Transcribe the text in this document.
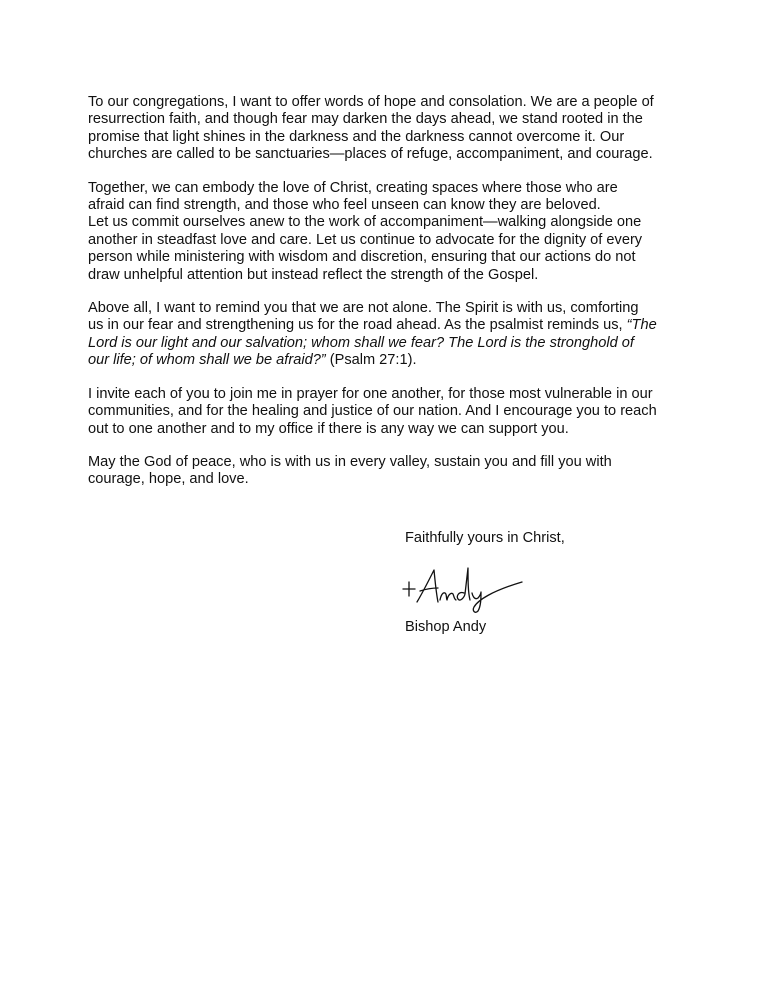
To our congregations, I want to offer words of hope and consolation. We are a people of
resurrection faith, and though fear may darken the days ahead, we stand rooted in the
promise that light shines in the darkness and the darkness cannot overcome it. Our
churches are called to be sanctuaries—places of refuge, accompaniment, and courage.

Together, we can embody the love of Christ, creating spaces where those who are
afraid can find strength, and those who feel unseen can know they are beloved.
Let us commit ourselves anew to the work of accompaniment—walking alongside one
another in steadfast love and care. Let us continue to advocate for the dignity of every
person while ministering with wisdom and discretion, ensuring that our actions do not
draw unhelpful attention but instead reflect the strength of the Gospel.

Above all, I want to remind you that we are not alone. The Spirit is with us, comforting
us in our fear and strengthening us for the road ahead. As the psalmist reminds us, “The
Lord is our light and our salvation; whom shall we fear? The Lord is the stronghold of
our life; of whom shall we be afraid?” (Psalm 27:1).

I invite each of you to join me in prayer for one another, for those most vulnerable in our
communities, and for the healing and justice of our nation. And I encourage you to reach
out to one another and to my office if there is any way we can support you.

May the God of peace, who is with us in every valley, sustain you and fill you with
courage, hope, and love.

Faithfully yours in Christ,
Bishop Andy
